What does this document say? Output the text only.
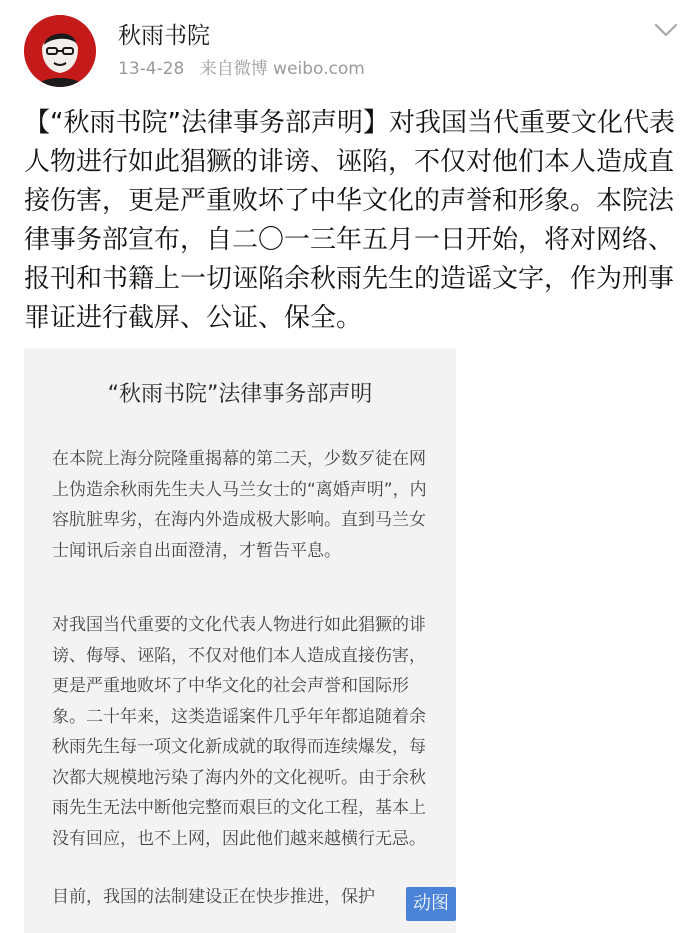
秋雨书院
13-4-28 来自微博 weibo.com
【“秋雨书院”法律事务部声明】对我国当代重要文化代表人物进行如此猖獗的诽谤、诬陷，不仅对他们本人造成直接伤害，更是严重败坏了中华文化的声誉和形象。本院法律事务部宣布，自二〇一三年五月一日开始，将对网络、报刊和书籍上一切诬陷余秋雨先生的造谣文字，作为刑事罪证进行截屏、公证、保全。
“秋雨书院”法律事务部声明
在本院上海分院隆重揭幕的第二天，少数歹徒在网上伪造余秋雨先生夫人马兰女士的“离婚声明”，内容肮脏卑劣，在海内外造成极大影响。直到马兰女士闻讯后亲自出面澄清，才暂告平息。
对我国当代重要的文化代表人物进行如此猖獗的诽谤、侮辱、诬陷，不仅对他们本人造成直接伤害，更是严重地败坏了中华文化的社会声誉和国际形象。二十年来，这类造谣案件几乎年年都追随着余秋雨先生每一项文化新成就的取得而连续爆发，每次都大规模地污染了海内外的文化视听。由于余秋雨先生无法中断他完整而艰巨的文化工程，基本上没有回应，也不上网，因此他们越来越横行无忌。
目前，我国的法制建设正在快步推进，保护	动图
